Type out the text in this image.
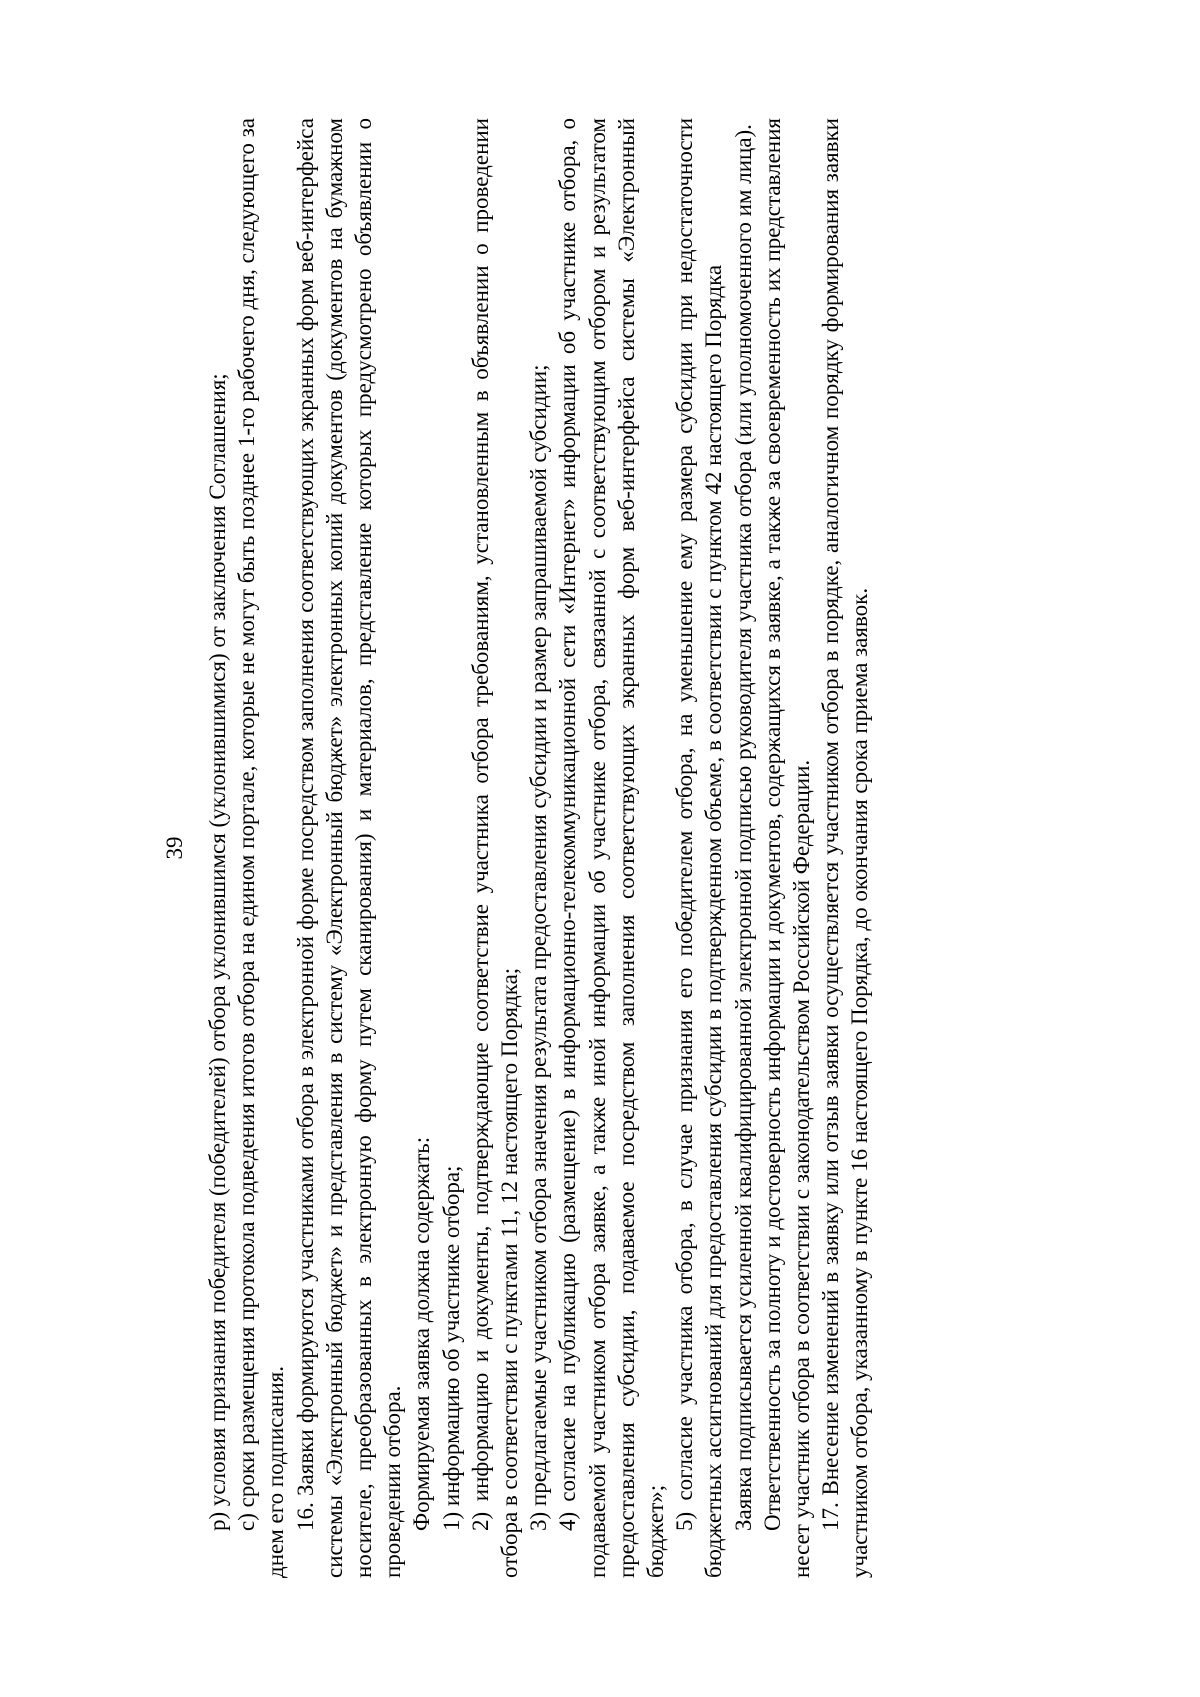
39 р) условия признания победителя (победителей) отбора уклонившимся (уклонившимися) от заключения Соглашения; с) сроки размещения протокола подведения итогов отбора на едином портале, которые не могут быть позднее 1-го рабочего дня, следующего за днем его подписания. 16. Заявки формируются участниками отбора в электронной форме посредством заполнения соответствующих экранных форм веб-интерфейса системы «Электронный бюджет» и представления в систему «Электронный бюджет» электронных копий документов (документов на бумажном носителе, преобразованных в электронную форму путем сканирования) и материалов, представление которых предусмотрено объявлении о проведении отбора. Формируемая заявка должна содержать: 1) информацию об участнике отбора; 2) информацию и документы, подтверждающие соответствие участника отбора требованиям, установленным в объявлении о проведении отбора в соответствии с пунктами 11, 12 настоящего Порядка; 3) предлагаемые участником отбора значения результата предоставления субсидии и размер запрашиваемой субсидии; 4) согласие на публикацию (размещение) в информационно-телекоммуникационной сети «Интернет» информации об участнике отбора, о подаваемой участником отбора заявке, а также иной информации об участнике отбора, связанной с соответствующим отбором и результатом предоставления субсидии, подаваемое посредством заполнения соответствующих экранных форм веб-интерфейса системы «Электронный бюджет»;

5) согласие участника отбора, в случае признания его победителем отбора, на уменьшение ему размера субсидии при недостаточности бюджетных ассигнований для предоставления субсидии в подтвержденном объеме, в соответствии с пунктом 42 настоящего Порядка Заявка подписывается усиленной квалифицированной электронной подписью руководителя участника отбора (или уполномоченного им лица). Ответственность за полноту и достоверность информации и документов, содержащихся в заявке, а также за своевременность их представления несет участник отбора в соответствии с законодательством Российской Федерации. 17. Внесение изменений в заявку или отзыв заявки осуществляется участником отбора в порядке, аналогичном порядку формирования заявки участником отбора, указанному в пункте 16 настоящего Порядка, до окончания срока приема заявок.
